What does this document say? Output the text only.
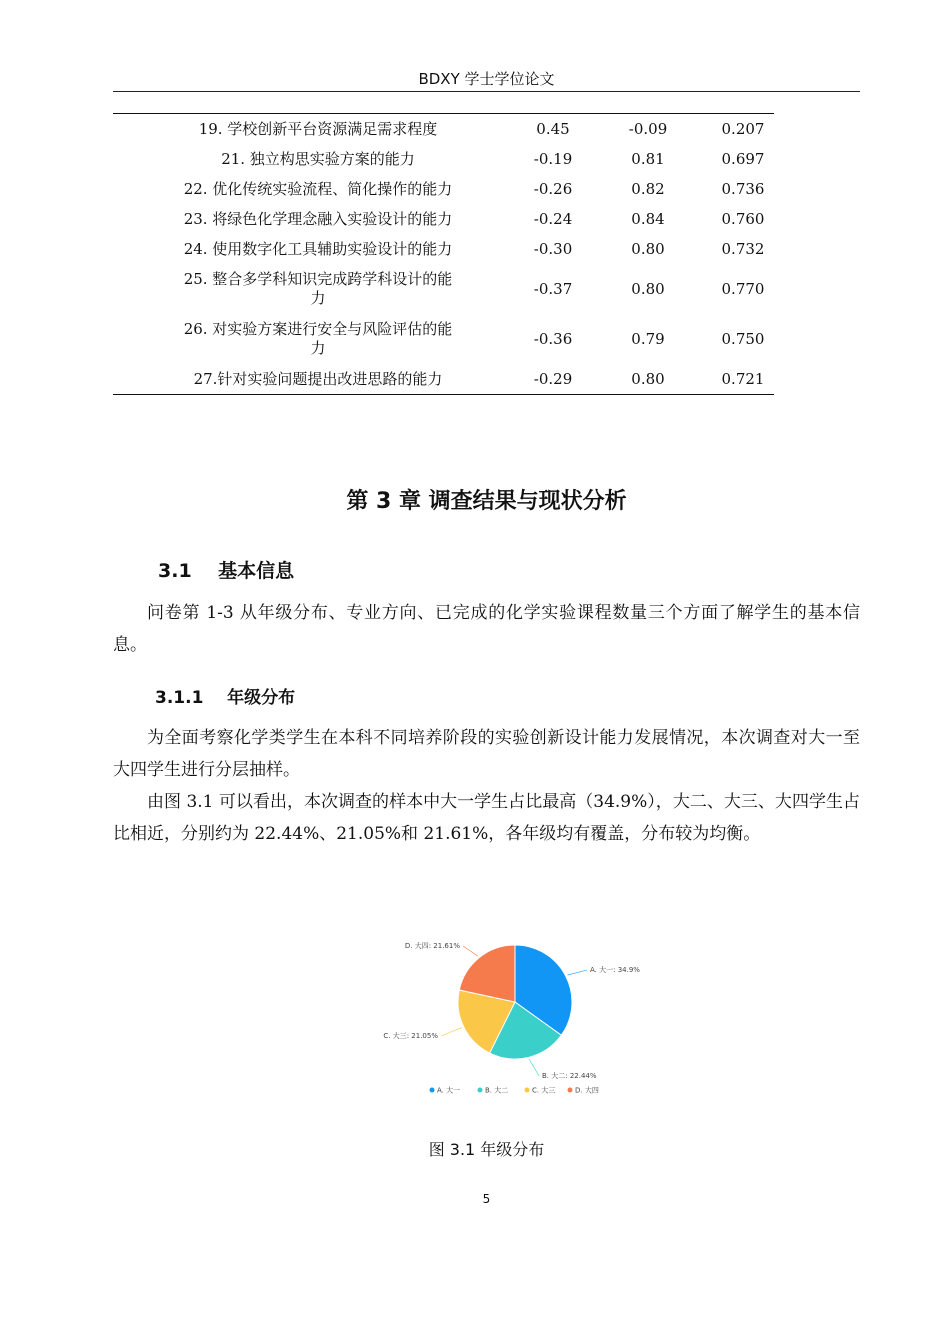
BDXY 学士学位论文
19. 学校创新平台资源满足需求程度	0.45	-0.09	0.207
21. 独立构思实验方案的能力	-0.19	0.81	0.697
22. 优化传统实验流程、简化操作的能力	-0.26	0.82	0.736
23. 将绿色化学理念融入实验设计的能力	-0.24	0.84	0.760
24. 使用数字化工具辅助实验设计的能力	-0.30	0.80	0.732
25. 整合多学科知识完成跨学科设计的能
力	-0.37	0.80	0.770
26. 对实验方案进行安全与风险评估的能
力	-0.36	0.79	0.750
27.针对实验问题提出改进思路的能力	-0.29	0.80	0.721
第 3 章 调查结果与现状分析
3.1 基本信息
问卷第 1-3 从年级分布、专业方向、已完成的化学实验课程数量三个方面了解学生的基本信息。
3.1.1 年级分布
为全面考察化学类学生在本科不同培养阶段的实验创新设计能力发展情况，本次调查对大一至大四学生进行分层抽样。
由图 3.1 可以看出，本次调查的样本中大一学生占比最高（34.9%），大二、大三、大四学生占比相近，分别约为 22.44%、21.05%和 21.61%，各年级均有覆盖，分布较为均衡。
A. 大一: 34.9%
B. 大二: 22.44%
C. 大三: 21.05%
D. 大四: 21.61%
A. 大一	B. 大二	C. 大三	D. 大四
图 3.1 年级分布
5
